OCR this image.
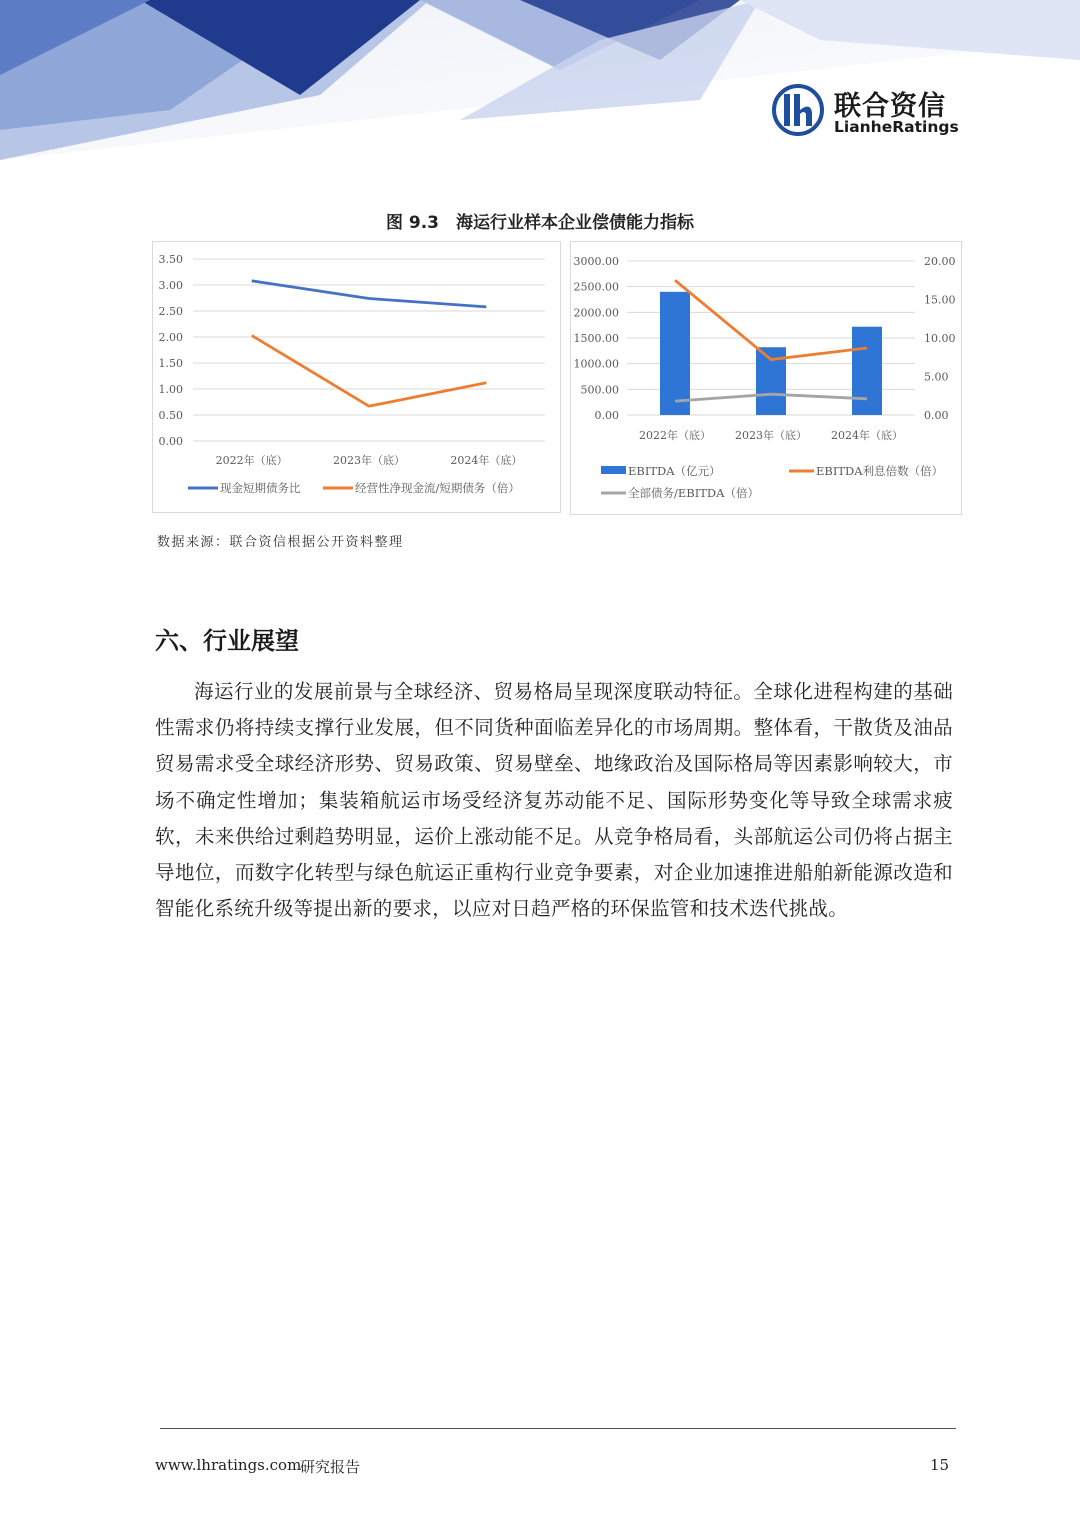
联合资信
LianheRatings
图 9.3　海运行业样本企业偿债能力指标
0.00
0.50
1.00
1.50
2.00
2.50
3.00
3.50
2022年（底）	2023年（底）	2024年（底）
现金短期债务比	经营性净现金流/短期债务（倍）
0.00
500.00
1000.00
1500.00
2000.00
2500.00
3000.00
0.00
5.00
10.00
15.00
20.00
2022年（底） 2023年（底） 2024年（底）
EBITDA（亿元）	EBITDA利息倍数（倍）
全部债务/EBITDA（倍）
数据来源：联合资信根据公开资料整理
六、行业展望

海运行业的发展前景与全球经济、贸易格局呈现深度联动特征。全球化进程构建的基础性需求仍将持续支撑行业发展，但不同货种面临差异化的市场周期。整体看，干散货及油品贸易需求受全球经济形势、贸易政策、贸易壁垒、地缘政治及国际格局等因素影响较大，市场不确定性增加；集装箱航运市场受经济复苏动能不足、国际形势变化等导致全球需求疲软，未来供给过剩趋势明显，运价上涨动能不足。从竞争格局看，头部航运公司仍将占据主导地位，而数字化转型与绿色航运正重构行业竞争要素，对企业加速推进船舶新能源改造和智能化系统升级等提出新的要求，以应对日趋严格的环保监管和技术迭代挑战。

www.lhratings.com
研究报告	15
